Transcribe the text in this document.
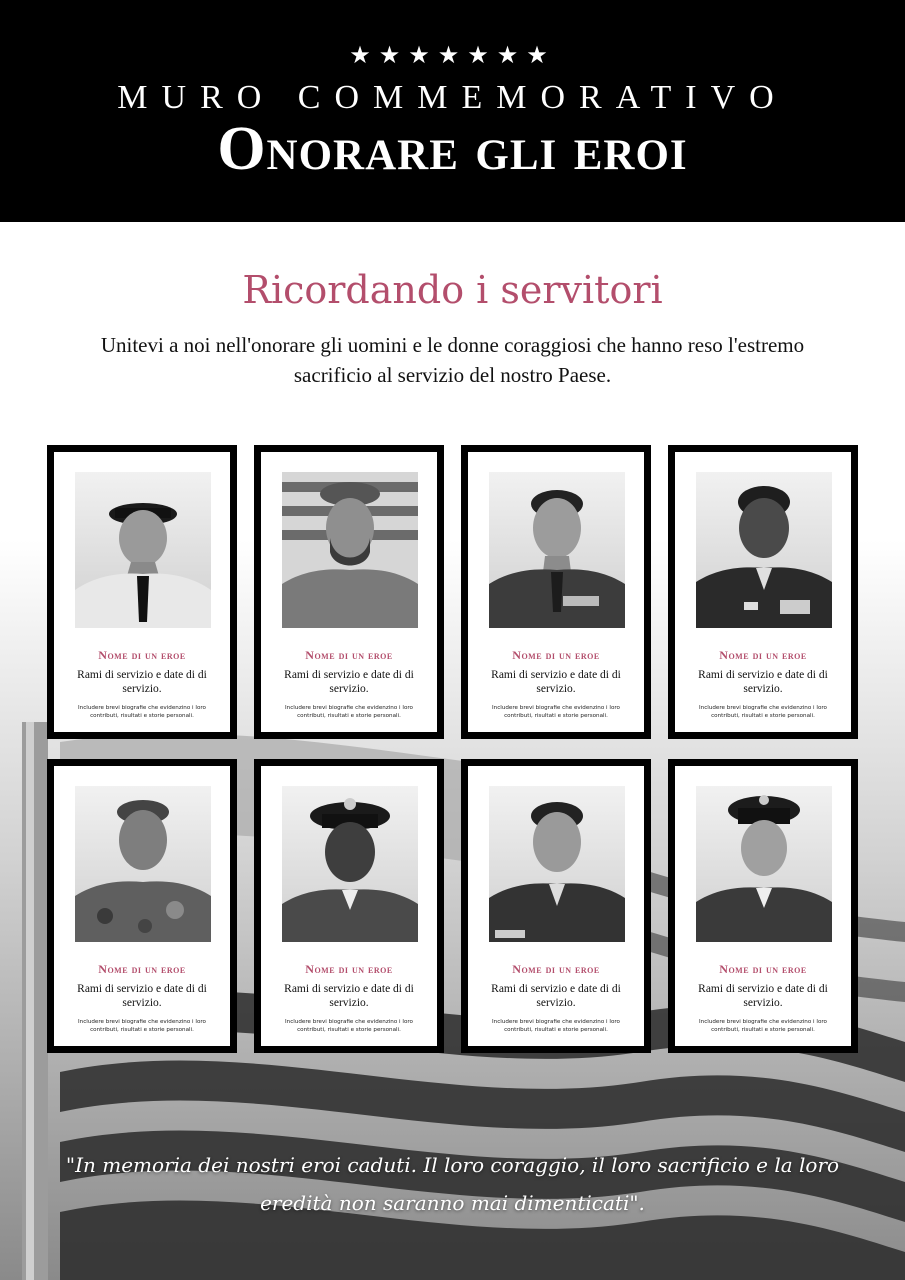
★★★★★★★
MURO COMMEMORATIVO
Onorare gli eroi
Ricordando i servitori
Unitevi a noi nell'onorare gli uomini e le donne coraggiosi che hanno reso l'estremo sacrificio al servizio del nostro Paese.
Nome di un eroe
Rami di servizio e date di di servizio.
Includere brevi biografie che evidenzino i loro contributi, risultati e storie personali.
Nome di un eroe
Rami di servizio e date di di servizio.
Includere brevi biografie che evidenzino i loro contributi, risultati e storie personali.
Nome di un eroe
Rami di servizio e date di di servizio.
Includere brevi biografie che evidenzino i loro contributi, risultati e storie personali.
Nome di un eroe
Rami di servizio e date di di servizio.
Includere brevi biografie che evidenzino i loro contributi, risultati e storie personali.
Nome di un eroe
Rami di servizio e date di di servizio.
Includere brevi biografie che evidenzino i loro contributi, risultati e storie personali.
Nome di un eroe
Rami di servizio e date di di servizio.
Includere brevi biografie che evidenzino i loro contributi, risultati e storie personali.
Nome di un eroe
Rami di servizio e date di di servizio.
Includere brevi biografie che evidenzino i loro contributi, risultati e storie personali.
Nome di un eroe
Rami di servizio e date di di servizio.
Includere brevi biografie che evidenzino i loro contributi, risultati e storie personali.
"In memoria dei nostri eroi caduti. Il loro coraggio, il loro sacrificio e la loro eredità non saranno mai dimenticati".
